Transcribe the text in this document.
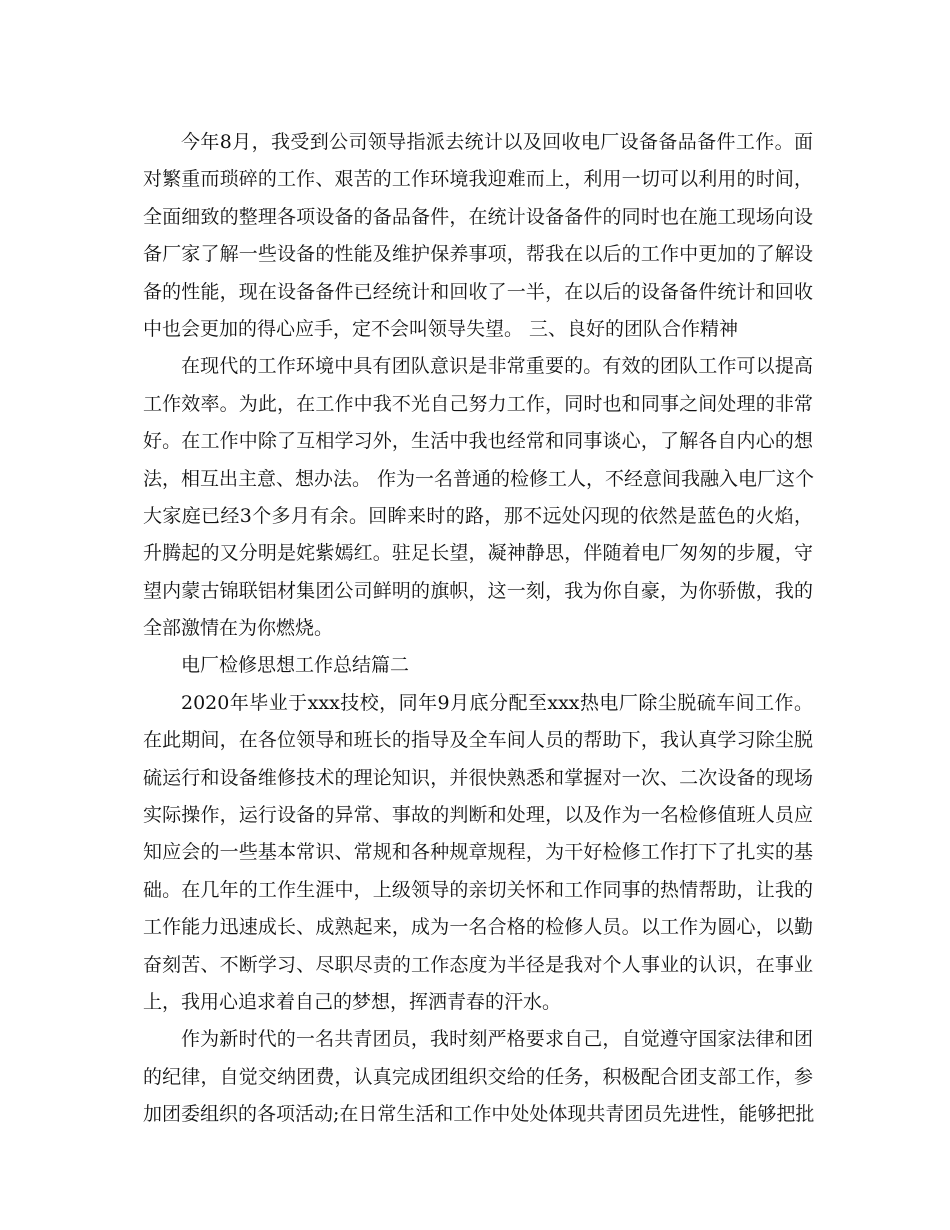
今年8月，我受到公司领导指派去统计以及回收电厂设备备品备件工作。面
对繁重而琐碎的工作、艰苦的工作环境我迎难而上，利用一切可以利用的时间，
全面细致的整理各项设备的备品备件，在统计设备备件的同时也在施工现场向设
备厂家了解一些设备的性能及维护保养事项，帮我在以后的工作中更加的了解设
备的性能，现在设备备件已经统计和回收了一半，在以后的设备备件统计和回收
中也会更加的得心应手，定不会叫领导失望。 三、良好的团队合作精神
在现代的工作环境中具有团队意识是非常重要的。有效的团队工作可以提高
工作效率。为此，在工作中我不光自己努力工作，同时也和同事之间处理的非常
好。在工作中除了互相学习外，生活中我也经常和同事谈心，了解各自内心的想
法，相互出主意、想办法。 作为一名普通的检修工人，不经意间我融入电厂这个
大家庭已经3个多月有余。回眸来时的路，那不远处闪现的依然是蓝色的火焰，
升腾起的又分明是姹紫嫣红。驻足长望，凝神静思，伴随着电厂匆匆的步履，守
望内蒙古锦联铝材集团公司鲜明的旗帜，这一刻，我为你自豪，为你骄傲，我的
全部激情在为你燃烧。
电厂检修思想工作总结篇二
2020年毕业于xxx技校，同年9月底分配至xxx热电厂除尘脱硫车间工作。
在此期间，在各位领导和班长的指导及全车间人员的帮助下，我认真学习除尘脱
硫运行和设备维修技术的理论知识，并很快熟悉和掌握对一次、二次设备的现场
实际操作，运行设备的异常、事故的判断和处理，以及作为一名检修值班人员应
知应会的一些基本常识、常规和各种规章规程，为干好检修工作打下了扎实的基
础。在几年的工作生涯中，上级领导的亲切关怀和工作同事的热情帮助，让我的
工作能力迅速成长、成熟起来，成为一名合格的检修人员。以工作为圆心，以勤
奋刻苦、不断学习、尽职尽责的工作态度为半径是我对个人事业的认识，在事业
上，我用心追求着自己的梦想，挥洒青春的汗水。
作为新时代的一名共青团员，我时刻严格要求自己，自觉遵守国家法律和团
的纪律，自觉交纳团费，认真完成团组织交给的任务，积极配合团支部工作，参
加团委组织的各项活动;在日常生活和工作中处处体现共青团员先进性，能够把批
